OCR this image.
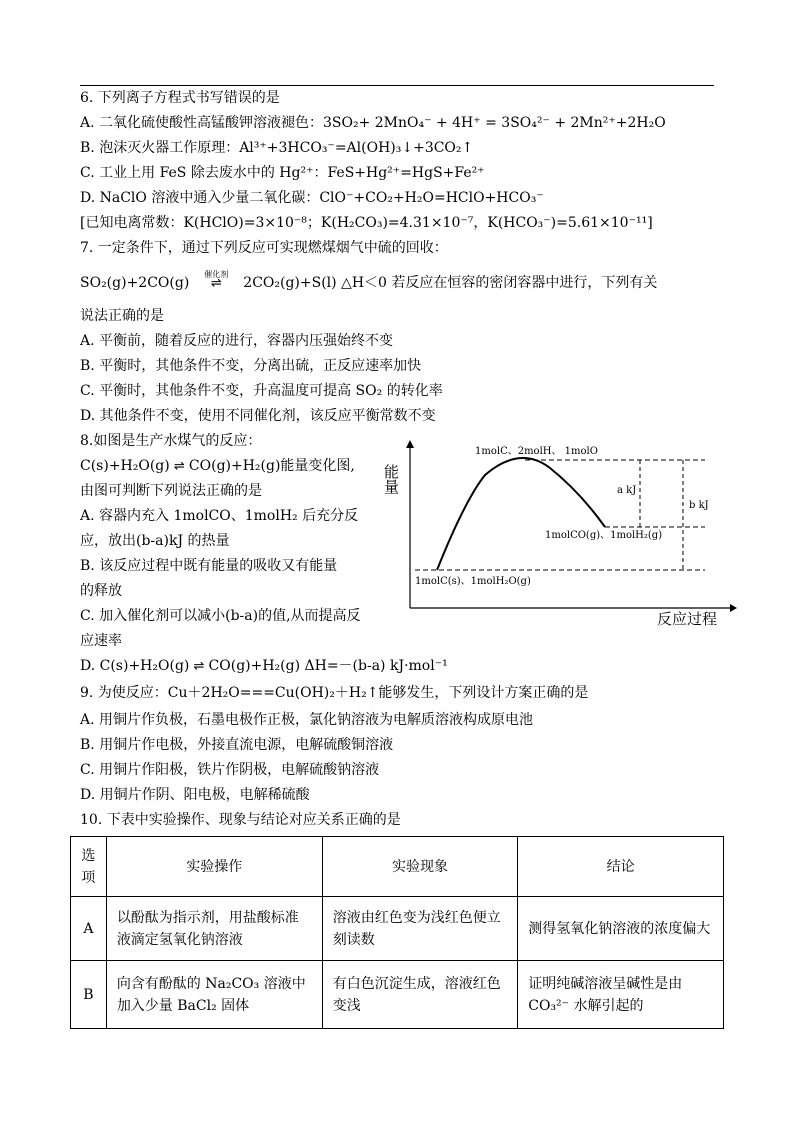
6. 下列离子方程式书写错误的是
A. 二氧化硫使酸性高锰酸钾溶液褪色：3SO₂+ 2MnO₄⁻ + 4H⁺ = 3SO₄²⁻ + 2Mn²⁺+2H₂O
B. 泡沫灭火器工作原理：Al³⁺+3HCO₃⁻=Al(OH)₃↓+3CO₂↑
C. 工业上用 FeS 除去废水中的 Hg²⁺：FeS+Hg²⁺=HgS+Fe²⁺
D. NaClO 溶液中通入少量二氧化碳：ClO⁻+CO₂+H₂O=HClO+HCO₃⁻
[已知电离常数：K(HClO)=3×10⁻⁸；K(H₂CO₃)=4.31×10⁻⁷，K(HCO₃⁻)=5.61×10⁻¹¹]
7. 一定条件下，通过下列反应可实现燃煤烟气中硫的回收：
SO₂(g)+2CO(g)
催化剂
⇌ 2CO₂(g)+S(l) △H＜0 若反应在恒容的密闭容器中进行，下列有关
说法正确的是
A. 平衡前，随着反应的进行，容器内压强始终不变
B. 平衡时，其他条件不变，分离出硫，正反应速率加快
C. 平衡时，其他条件不变，升高温度可提高 SO₂ 的转化率
D. 其他条件不变，使用不同催化剂，该反应平衡常数不变
8.如图是生产水煤气的反应：
C(s)+H₂O(g) ⇌ CO(g)+H₂(g)能量变化图,
由图可判断下列说法正确的是
A. 容器内充入 1molCO、1molH₂ 后充分反
应，放出(b-a)kJ 的热量
B. 该反应过程中既有能量的吸收又有能量
的释放
C. 加入催化剂可以减小(b-a)的值,从而提高反
应速率
D. C(s)+H₂O(g) ⇌ CO(g)+H₂(g) ΔH=－(b-a) kJ·mol⁻¹
能量
反应过程
1molC、2molH、 1molO
1molCO(g)、1molH₂(g)
1molC(s)、1molH₂O(g)
a kJ
b kJ
9. 为使反应：Cu＋2H₂O===Cu(OH)₂＋H₂↑能够发生，下列设计方案正确的是
A. 用铜片作负极，石墨电极作正极，氯化钠溶液为电解质溶液构成原电池
B. 用铜片作电极，外接直流电源，电解硫酸铜溶液
C. 用铜片作阳极，铁片作阴极，电解硫酸钠溶液
D. 用铜片作阴、阳电极，电解稀硫酸
10. 下表中实验操作、现象与结论对应关系正确的是
选项	实验操作	实验现象	结论
A	以酚酞为指示剂，用盐酸标准液滴定氢氧化钠溶液	溶液由红色变为浅红色便立刻读数	测得氢氧化钠溶液的浓度偏大
B	向含有酚酞的 Na₂CO₃ 溶液中加入少量 BaCl₂ 固体	有白色沉淀生成，溶液红色变浅	证明纯碱溶液呈碱性是由 CO₃²⁻ 水解引起的
